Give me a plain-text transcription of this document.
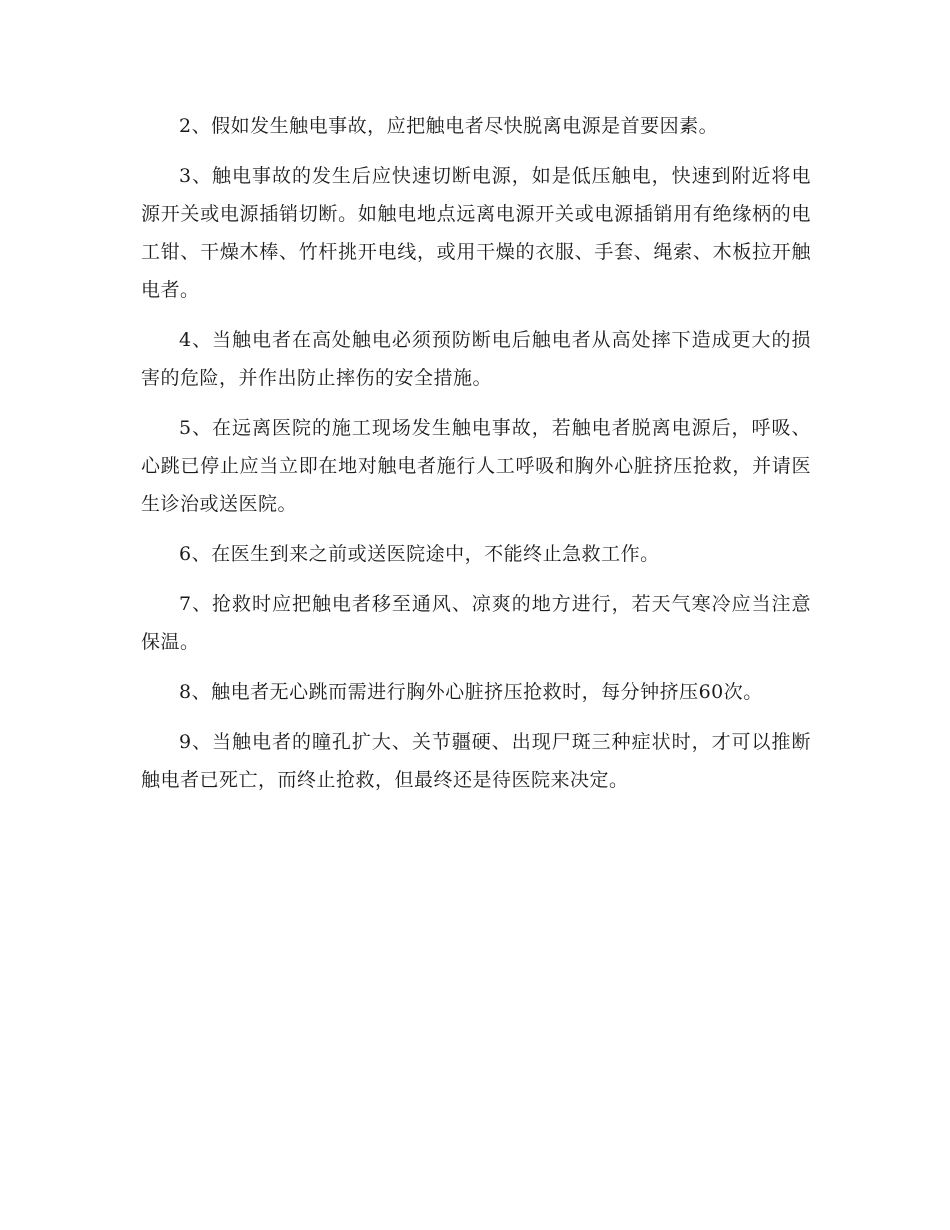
2、假如发生触电事故，应把触电者尽快脱离电源是首要因素。

3、触电事故的发生后应快速切断电源，如是低压触电，快速到附近将电源开关或电源插销切断。如触电地点远离电源开关或电源插销用有绝缘柄的电工钳、干燥木棒、竹杆挑开电线，或用干燥的衣服、手套、绳索、木板拉开触电者。

4、当触电者在高处触电必须预防断电后触电者从高处摔下造成更大的损害的危险，并作出防止摔伤的安全措施。

5、在远离医院的施工现场发生触电事故，若触电者脱离电源后，呼吸、心跳已停止应当立即在地对触电者施行人工呼吸和胸外心脏挤压抢救，并请医生诊治或送医院。

6、在医生到来之前或送医院途中，不能终止急救工作。

7、抢救时应把触电者移至通风、凉爽的地方进行，若天气寒冷应当注意保温。

8、触电者无心跳而需进行胸外心脏挤压抢救时，每分钟挤压60次。

9、当触电者的瞳孔扩大、关节疆硬、出现尸斑三种症状时，才可以推断触电者已死亡，而终止抢救，但最终还是待医院来决定。
